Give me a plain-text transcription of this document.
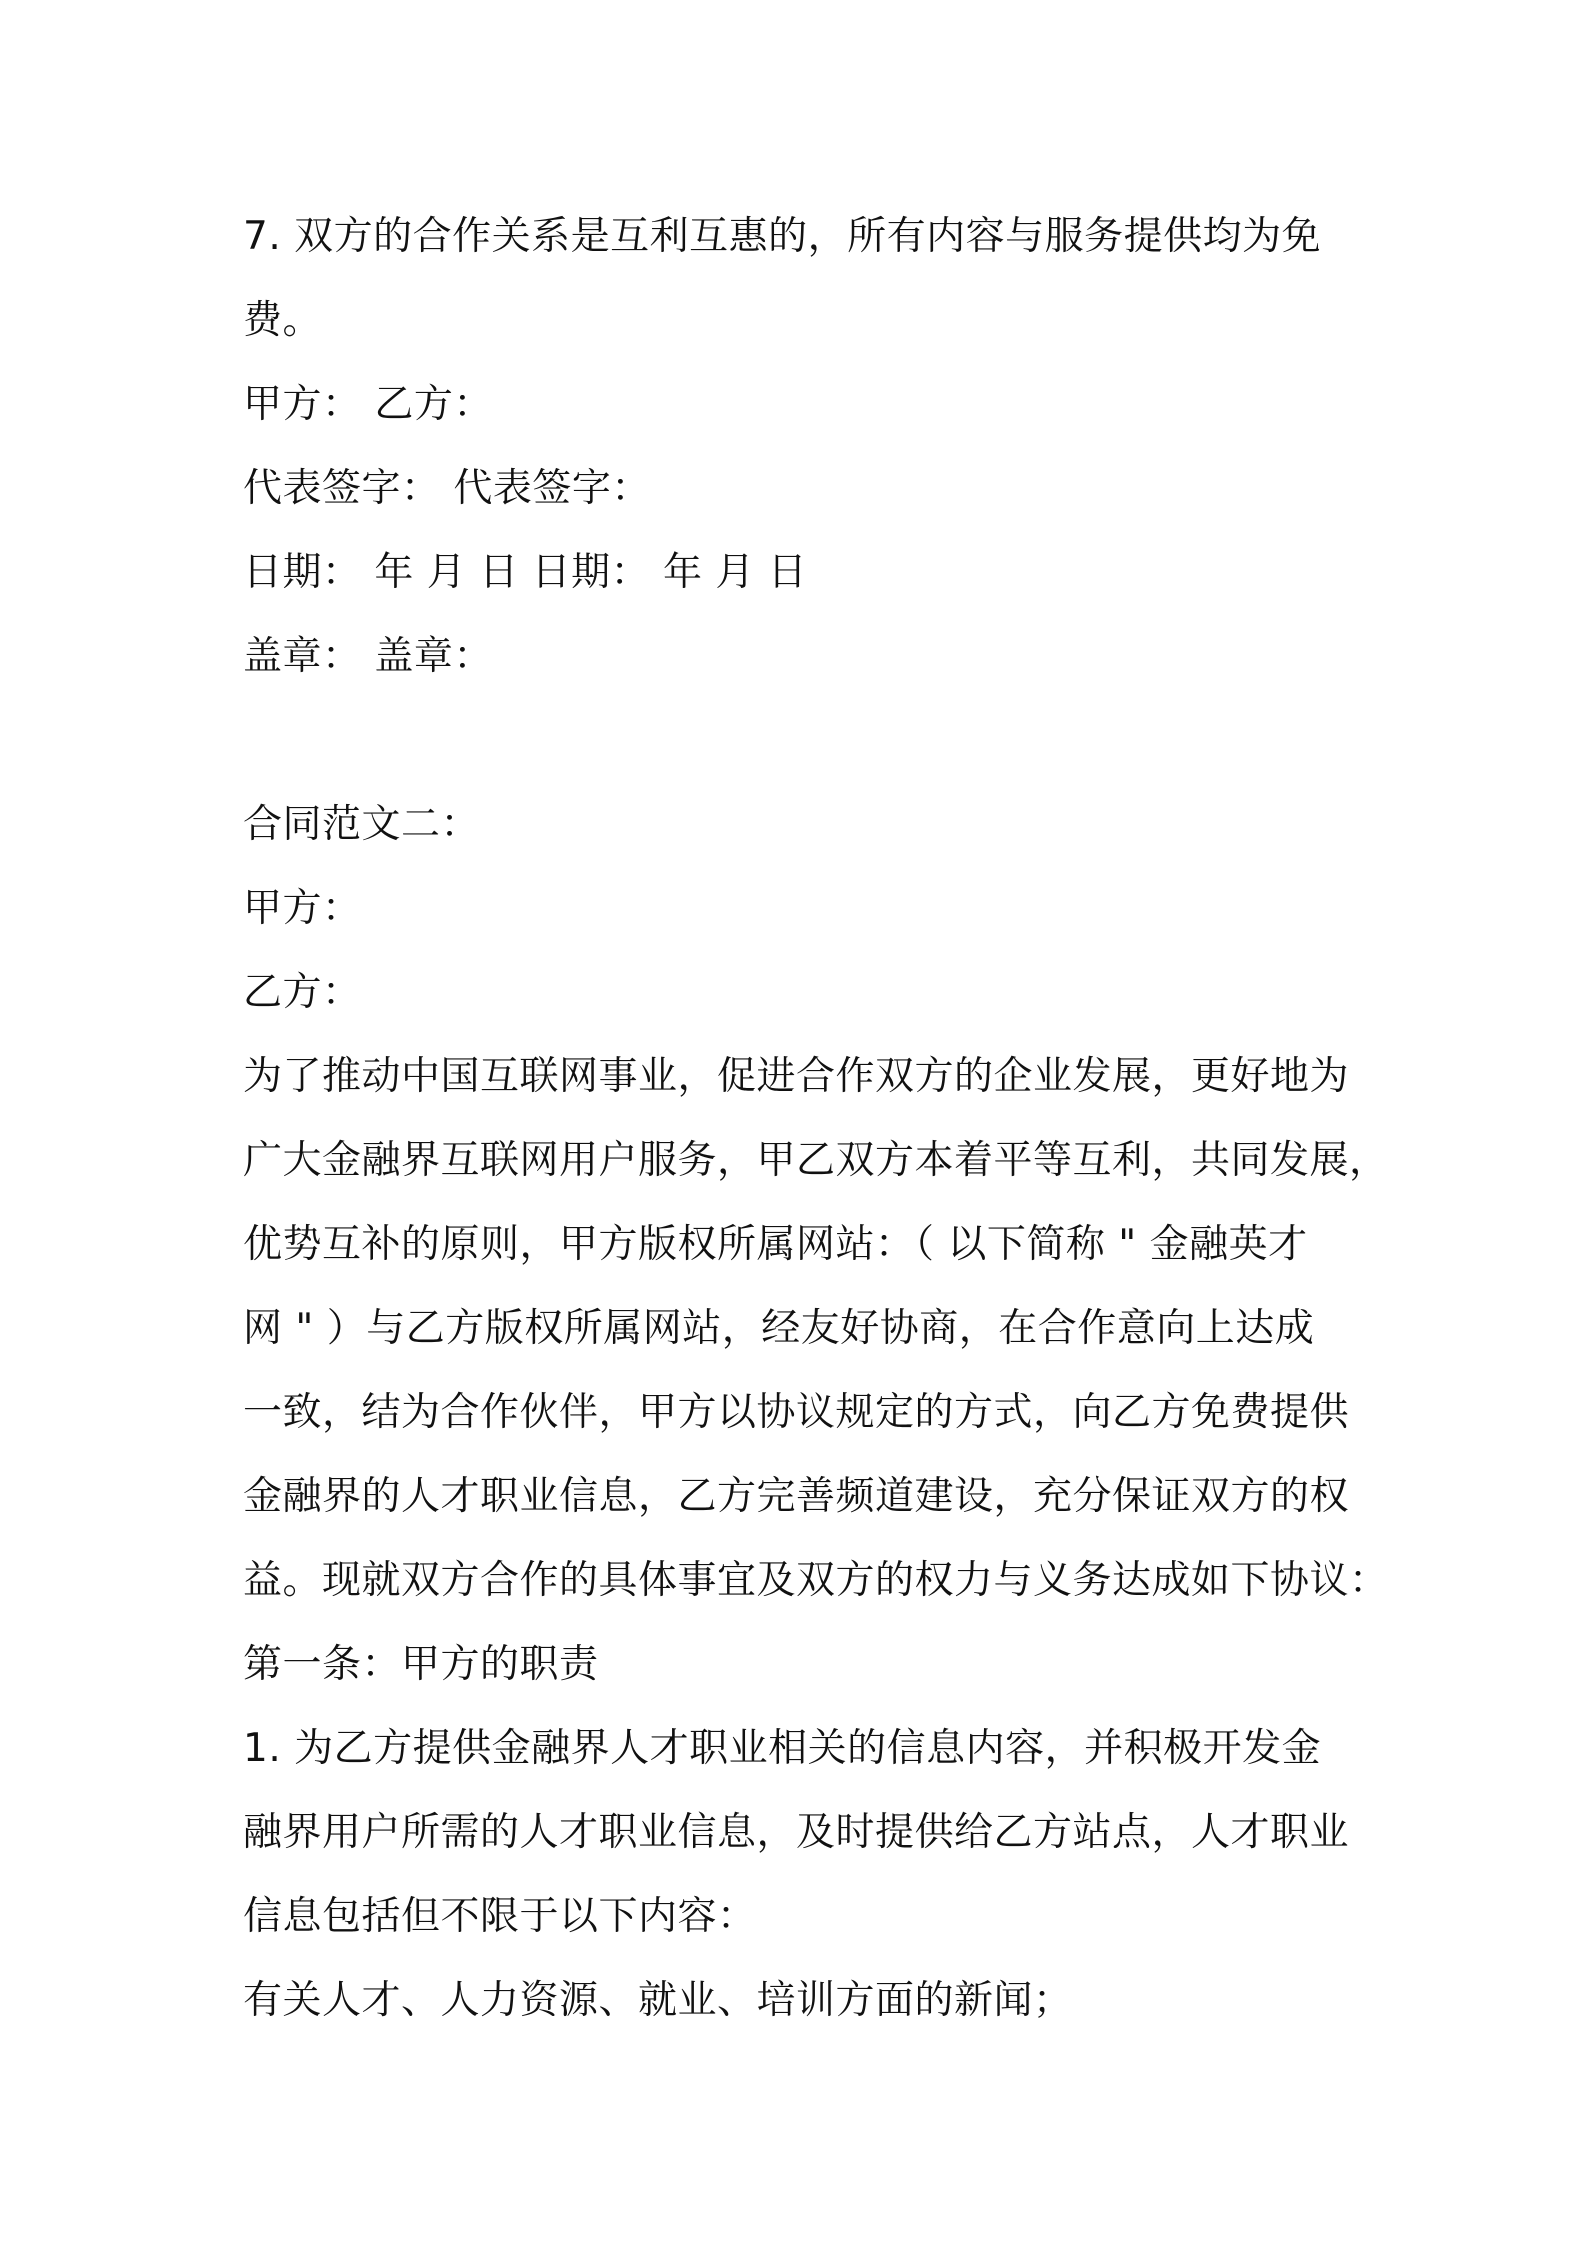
7. 双方的合作关系是互利互惠的，所有内容与服务提供均为免
费。
甲方： 乙方：
代表签字： 代表签字：
日期： 年 月 日 日期： 年 月 日
盖章： 盖章：
合同范文二：
甲方：
乙方：
为了推动中国互联网事业，促进合作双方的企业发展，更好地为
广大金融界互联网用户服务，甲乙双方本着平等互利，共同发展，
优势互补的原则，甲方版权所属网站：（ 以下简称 " 金融英才
网 " ）与乙方版权所属网站，经友好协商，在合作意向上达成
一致，结为合作伙伴，甲方以协议规定的方式，向乙方免费提供
金融界的人才职业信息，乙方完善频道建设，充分保证双方的权
益。现就双方合作的具体事宜及双方的权力与义务达成如下协议：
第一条：甲方的职责
1. 为乙方提供金融界人才职业相关的信息内容，并积极开发金
融界用户所需的人才职业信息，及时提供给乙方站点，人才职业
信息包括但不限于以下内容：
有关人才、人力资源、就业、培训方面的新闻；
